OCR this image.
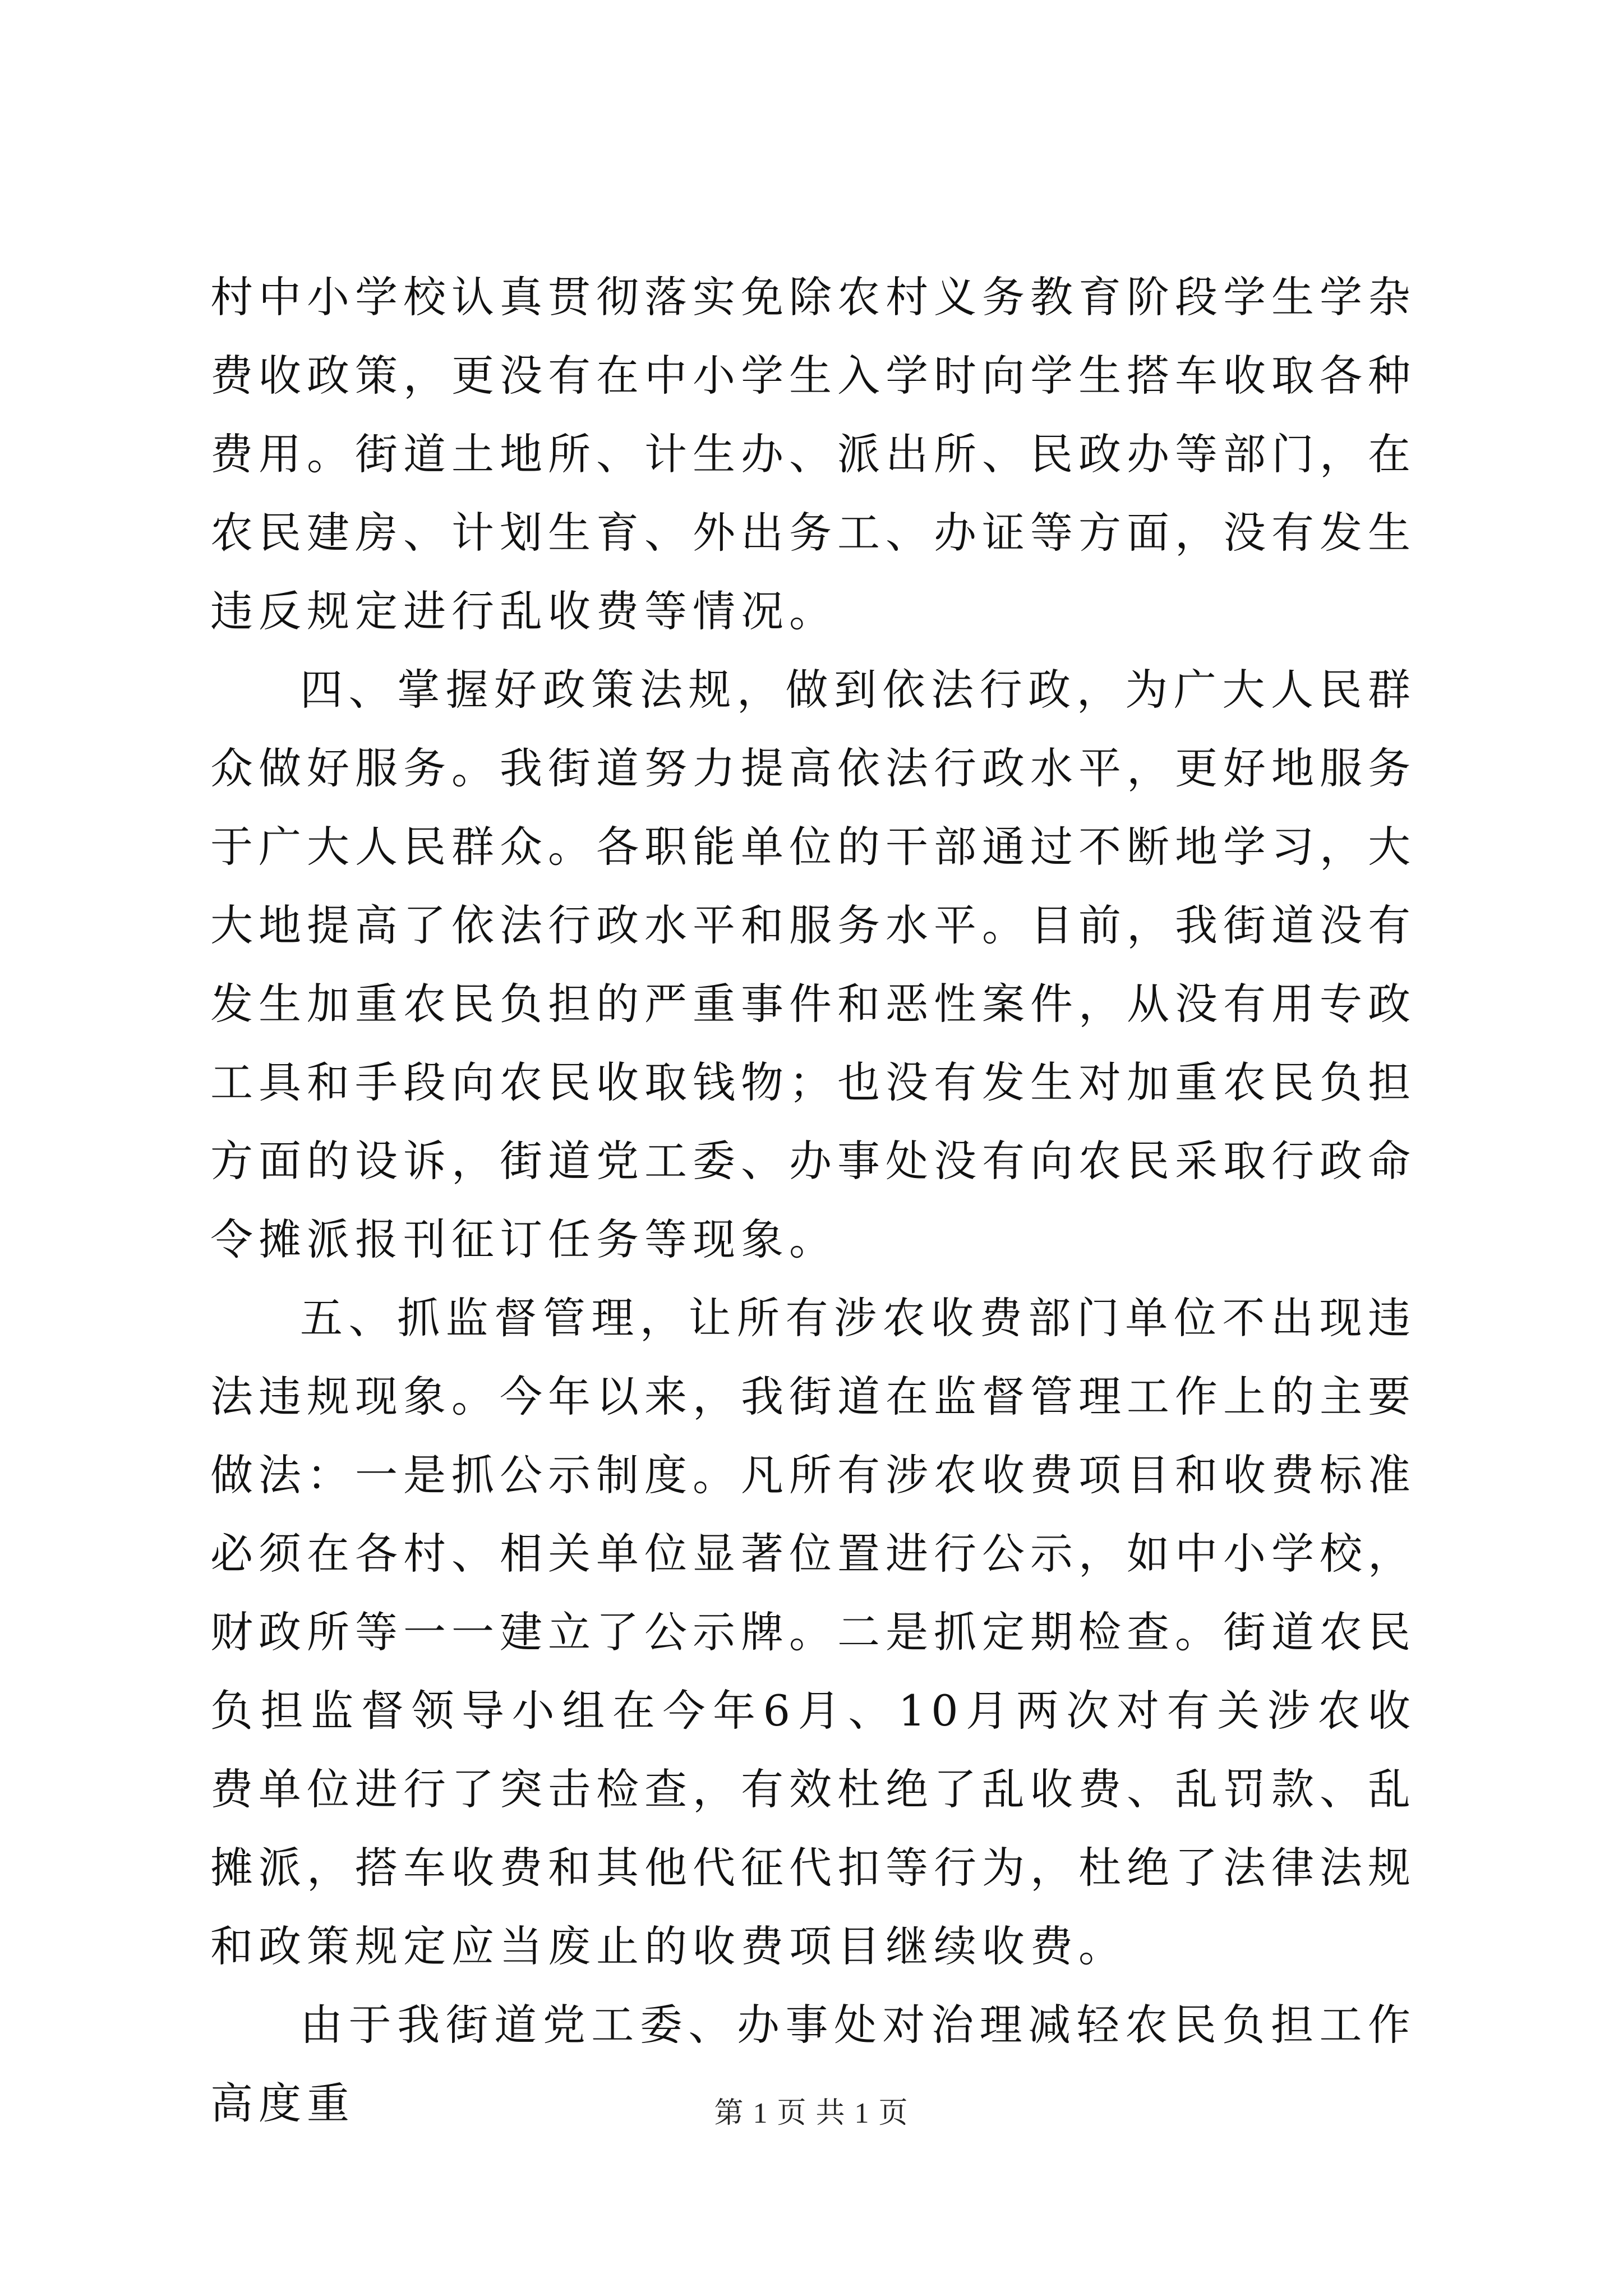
村中小学校认真贯彻落实免除农村义务教育阶段学生学杂费收政策，更没有在中小学生入学时向学生搭车收取各种费用。街道土地所、计生办、派出所、民政办等部门，在农民建房、计划生育、外出务工、办证等方面，没有发生违反规定进行乱收费等情况。

四、掌握好政策法规，做到依法行政，为广大人民群众做好服务。我街道努力提高依法行政水平，更好地服务于广大人民群众。各职能单位的干部通过不断地学习，大大地提高了依法行政水平和服务水平。目前，我街道没有发生加重农民负担的严重事件和恶性案件，从没有用专政工具和手段向农民收取钱物；也没有发生对加重农民负担方面的设诉，街道党工委、办事处没有向农民采取行政命令摊派报刊征订任务等现象。

五、抓监督管理，让所有涉农收费部门单位不出现违法违规现象。今年以来，我街道在监督管理工作上的主要做法：一是抓公示制度。凡所有涉农收费项目和收费标准必须在各村、相关单位显著位置进行公示，如中小学校，财政所等一一建立了公示牌。二是抓定期检查。街道农民负担监督领导小组在今年6月、10月两次对有关涉农收费单位进行了突击检查，有效杜绝了乱收费、乱罚款、乱摊派，搭车收费和其他代征代扣等行为，杜绝了法律法规和政策规定应当废止的收费项目继续收费。

由于我街道党工委、办事处对治理减轻农民负担工作高度重	第 1 页 共 1 页
